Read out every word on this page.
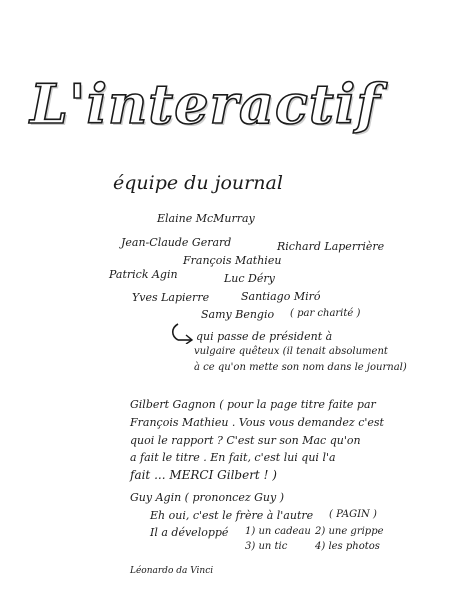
L'interactif
équipe du journal
Elaine McMurray
Jean-Claude Gerard	Richard Laperrière
François Mathieu
Patrick Agin	Luc Déry
Yves Lapierre	Santiago Miró
Samy Bengio ( par charité )
qui passe de président à
vulgaire quêteux (il tenait absolument
à ce qu'on mette son nom dans le journal)
Gilbert Gagnon ( pour la page titre faite par
François Mathieu . Vous vous demandez c'est
quoi le rapport ? C'est sur son Mac qu'on
a fait le titre . En fait, c'est lui qui l'a
fait ... MERCI Gilbert ! )
Guy Agin ( prononcez Guy )
Eh oui, c'est le frère à l'autre ( PAGIN )
Il a développé 1) un cadeau 2) une grippe
3) un tic	4) les photos
Léonardo da Vinci
